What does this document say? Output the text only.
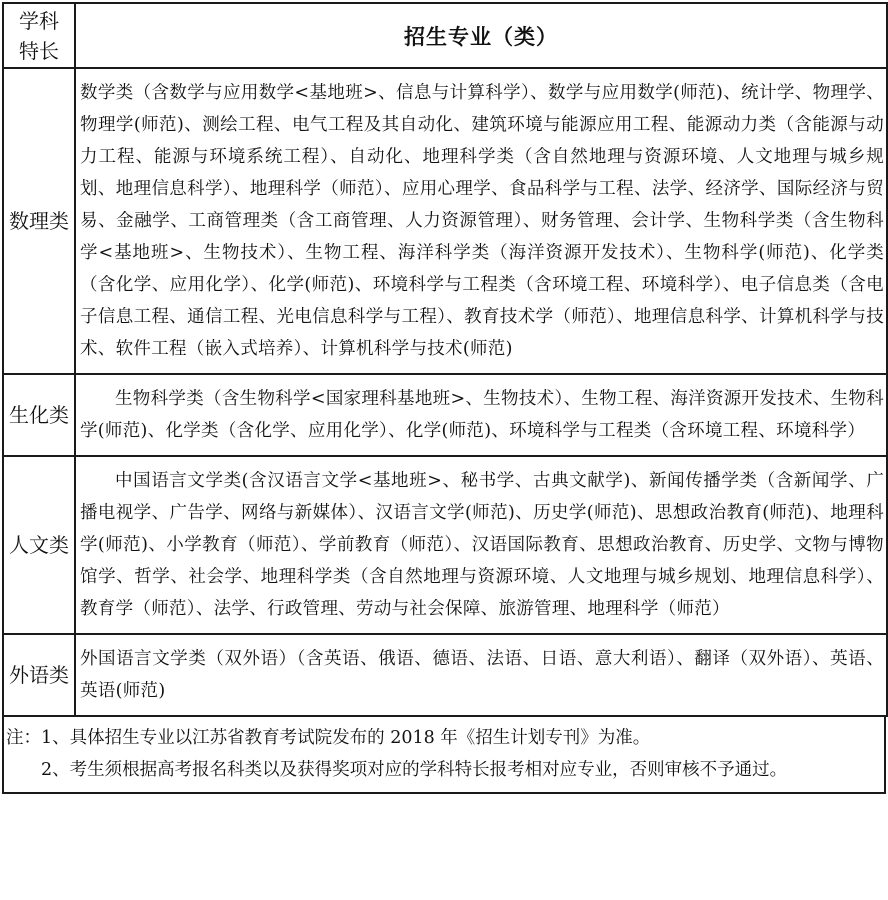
学科
特长	招生专业（类）
数理类	数学类（含数学与应用数学<基地班>、信息与计算科学）、数学与应用数学(师范)、统计学、物理学、物理学(师范)、测绘工程、电气工程及其自动化、建筑环境与能源应用工程、能源动力类（含能源与动力工程、能源与环境系统工程）、自动化、地理科学类（含自然地理与资源环境、人文地理与城乡规划、地理信息科学）、地理科学（师范）、应用心理学、食品科学与工程、法学、经济学、国际经济与贸易、金融学、工商管理类（含工商管理、人力资源管理）、财务管理、会计学、生物科学类（含生物科学<基地班>、生物技术）、生物工程、海洋科学类（海洋资源开发技术）、生物科学(师范)、化学类（含化学、应用化学）、化学(师范)、环境科学与工程类（含环境工程、环境科学）、电子信息类（含电子信息工程、通信工程、光电信息科学与工程）、教育技术学（师范）、地理信息科学、计算机科学与技术、软件工程（嵌入式培养）、计算机科学与技术(师范)
生化类	生物科学类（含生物科学<国家理科基地班>、生物技术）、生物工程、海洋资源开发技术、生物科学(师范)、化学类（含化学、应用化学）、化学(师范)、环境科学与工程类（含环境工程、环境科学）
人文类	中国语言文学类(含汉语言文学<基地班>、秘书学、古典文献学)、新闻传播学类（含新闻学、广播电视学、广告学、网络与新媒体）、汉语言文学(师范)、历史学(师范)、思想政治教育(师范)、地理科学(师范)、小学教育（师范）、学前教育（师范）、汉语国际教育、思想政治教育、历史学、文物与博物馆学、哲学、社会学、地理科学类（含自然地理与资源环境、人文地理与城乡规划、地理信息科学）、教育学（师范）、法学、行政管理、劳动与社会保障、旅游管理、地理科学（师范）
外语类	外国语言文学类（双外语）（含英语、俄语、德语、法语、日语、意大利语）、翻译（双外语）、英语、英语(师范)
注：1、具体招生专业以江苏省教育考试院发布的 2018 年《招生计划专刊》为准。
2、考生须根据高考报名科类以及获得奖项对应的学科特长报考相对应专业，否则审核不予通过。
